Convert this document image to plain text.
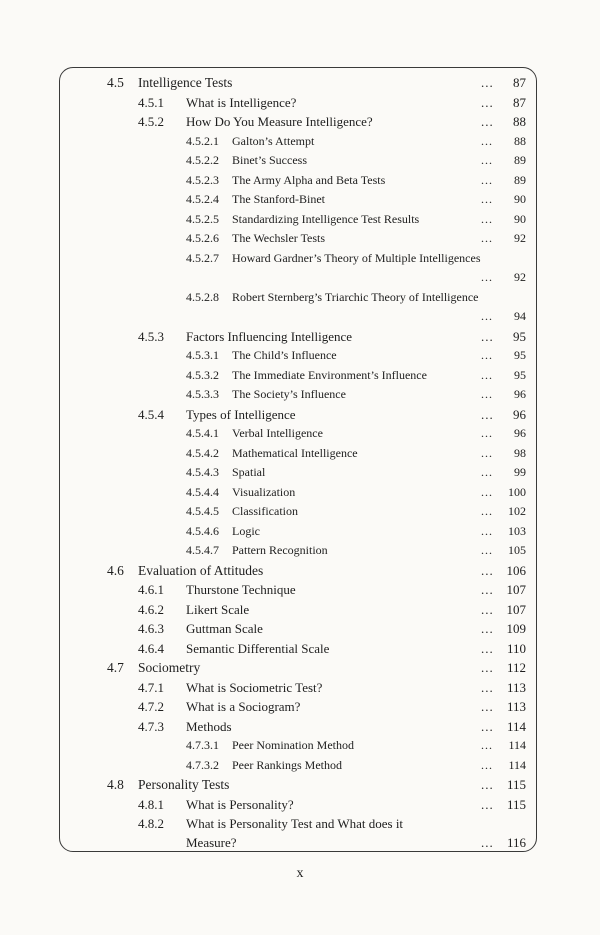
4.5 Intelligence Tests	... 87
4.5.1 What is Intelligence?	... 87
4.5.2 How Do You Measure Intelligence?	... 88
4.5.2.1 Galton’s Attempt	... 88
4.5.2.2 Binet’s Success	... 89
4.5.2.3 The Army Alpha and Beta Tests	... 89
4.5.2.4 The Stanford-Binet	... 90
4.5.2.5 Standardizing Intelligence Test Results	... 90
4.5.2.6 The Wechsler Tests	... 92
4.5.2.7 Howard Gardner’s Theory of Multiple Intelligences
... 92
4.5.2.8 Robert Sternberg’s Triarchic Theory of Intelligence
... 94
4.5.3 Factors Influencing Intelligence	... 95
4.5.3.1 The Child’s Influence	... 95
4.5.3.2 The Immediate Environment’s Influence	... 95
4.5.3.3 The Society’s Influence	... 96
4.5.4 Types of Intelligence	... 96
4.5.4.1 Verbal Intelligence	... 96
4.5.4.2 Mathematical Intelligence	... 98
4.5.4.3 Spatial	... 99
4.5.4.4 Visualization	... 100
4.5.4.5 Classification	... 102
4.5.4.6 Logic	... 103
4.5.4.7 Pattern Recognition	... 105
4.6 Evaluation of Attitudes	... 106
4.6.1 Thurstone Technique	... 107
4.6.2 Likert Scale	... 107
4.6.3 Guttman Scale	... 109
4.6.4 Semantic Differential Scale	... 110
4.7 Sociometry	... 112
4.7.1 What is Sociometric Test?	... 113
4.7.2 What is a Sociogram?	... 113
4.7.3 Methods	... 114
4.7.3.1 Peer Nomination Method	... 114
4.7.3.2 Peer Rankings Method	... 114
4.8 Personality Tests	... 115
4.8.1 What is Personality?	... 115
4.8.2 What is Personality Test and What does it Measure?	... 116
x
